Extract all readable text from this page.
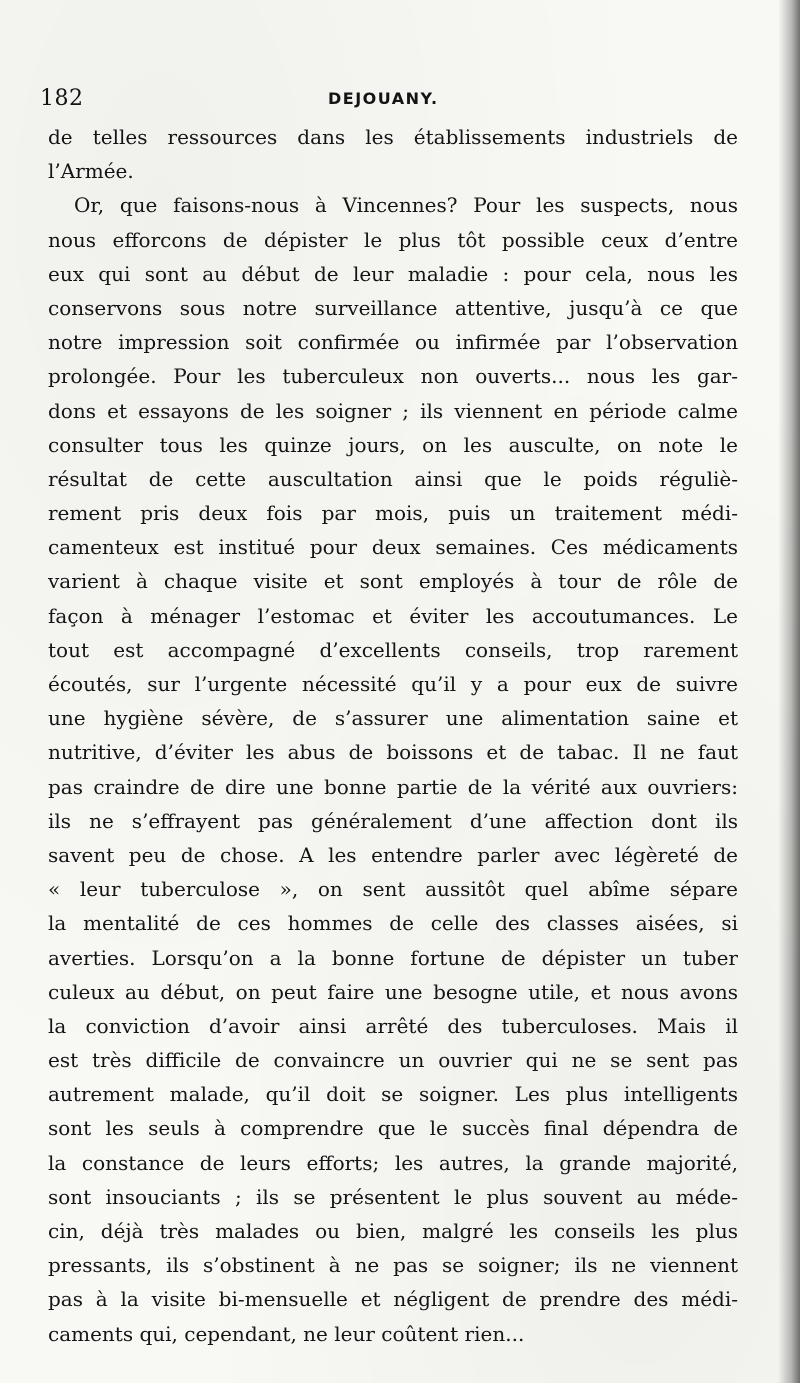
182	DEJOUANY.
de telles ressources dans les établissements industriels de
l’Armée.
Or, que faisons-nous à Vincennes? Pour les suspects, nous
nous efforcons de dépister le plus tôt possible ceux d’entre
eux qui sont au début de leur maladie : pour cela, nous les
conservons sous notre surveillance attentive, jusqu’à ce que
notre impression soit confirmée ou infirmée par l’observation
prolongée. Pour les tuberculeux non ouverts... nous les gar-
dons et essayons de les soigner ; ils viennent en période calme
consulter tous les quinze jours, on les ausculte, on note le
résultat de cette auscultation ainsi que le poids réguliè-
rement pris deux fois par mois, puis un traitement médi-
camenteux est institué pour deux semaines. Ces médicaments
varient à chaque visite et sont employés à tour de rôle de
façon à ménager l’estomac et éviter les accoutumances. Le
tout est accompagné d’excellents conseils, trop rarement
écoutés, sur l’urgente nécessité qu’il y a pour eux de suivre
une hygiène sévère, de s’assurer une alimentation saine et
nutritive, d’éviter les abus de boissons et de tabac. Il ne faut
pas craindre de dire une bonne partie de la vérité aux ouvriers:
ils ne s’effrayent pas généralement d’une affection dont ils
savent peu de chose. A les entendre parler avec légèreté de
« leur tuberculose », on sent aussitôt quel abîme sépare
la mentalité de ces hommes de celle des classes aisées, si
averties. Lorsqu’on a la bonne fortune de dépister un tuber
culeux au début, on peut faire une besogne utile, et nous avons
la conviction d’avoir ainsi arrêté des tuberculoses. Mais il
est très difficile de convaincre un ouvrier qui ne se sent pas
autrement malade, qu’il doit se soigner. Les plus intelligents
sont les seuls à comprendre que le succès final dépendra de
la constance de leurs efforts; les autres, la grande majorité,
sont insouciants ; ils se présentent le plus souvent au méde-
cin, déjà très malades ou bien, malgré les conseils les plus
pressants, ils s’obstinent à ne pas se soigner; ils ne viennent
pas à la visite bi-mensuelle et négligent de prendre des médi-
caments qui, cependant, ne leur coûtent rien...
